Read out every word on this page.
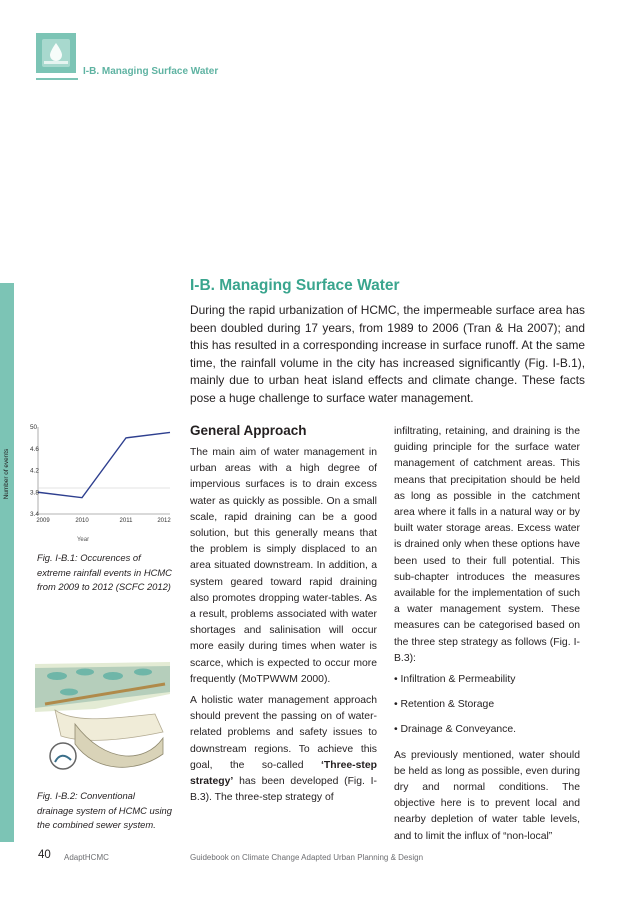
I-B. Managing Surface Water
I-B. Managing Surface Water
During the rapid urbanization of HCMC, the impermeable surface area has been doubled during 17 years, from 1989 to 2006 (Tran & Ha 2007); and this has resulted in a corresponding increase in surface runoff. At the same time, the rainfall volume in the city has increased significantly (Fig. I-B.1), mainly due to urban heat island effects and climate change. These facts pose a huge challenge to surface water management.
General Approach

The main aim of water management in urban areas with a high degree of impervious surfaces is to drain excess water as quickly as possible. On a small scale, rapid draining can be a good solution, but this generally means that the problem is simply displaced to an area situated downstream. In addition, a system geared toward rapid draining also promotes dropping water-tables. As a result, problems associated with water shortages and salinisation will occur more easily during times when water is scarce, which is expected to occur more frequently (MoTPWWM 2000).

A holistic water management approach should prevent the passing on of water-related problems and safety issues to downstream regions. To achieve this goal, the so-called ‘Three-step strategy’ has been developed (Fig. I-B.3). The three-step strategy of

infiltrating, retaining, and draining is the guiding principle for the surface water management of catchment areas. This means that precipitation should be held as long as possible in the catchment area where it falls in a natural way or by built water storage areas. Excess water is drained only when these options have been used to their full potential. This sub-chapter introduces the measures available for the implementation of such a water management system. These measures can be categorised based on the three step strategy as follows (Fig. I-B.3):

• Infiltration & Permeability
• Retention & Storage
• Drainage & Conveyance.

As previously mentioned, water should be held as long as possible, even during dry and normal conditions. The objective here is to prevent local and nearby depletion of water table levels, and to limit the influx of “non-local”

3.4
3.8
4.2
4.6
50
2009	2010	2011	2012
Year
Number of events
Fig. I-B.1: Occurences of extreme rainfall events in HCMC from 2009 to 2012 (SCFC 2012)
Fig. I-B.2: Conventional drainage system of HCMC using the combined sewer system.
40 AdaptHCMC	Guidebook on Climate Change Adapted Urban Planning & Design
